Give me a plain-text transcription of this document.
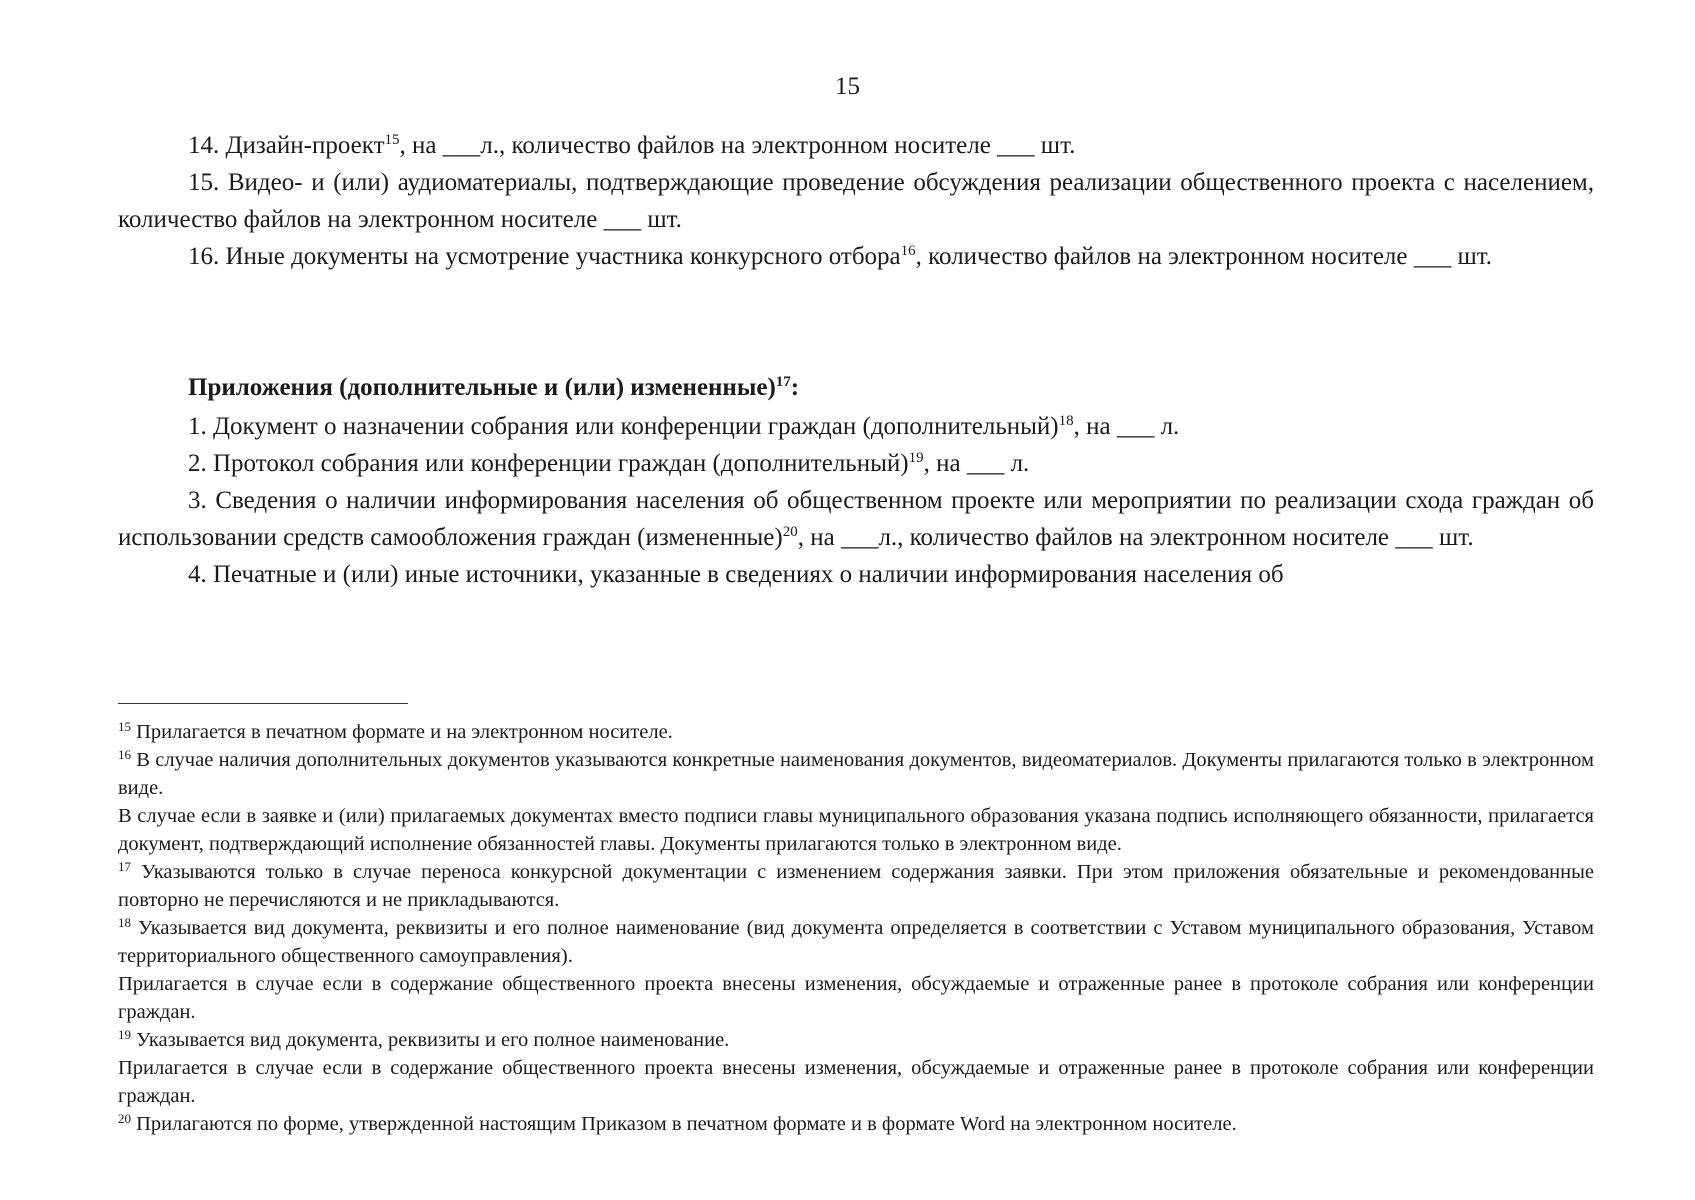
15

14. Дизайн-проект$^{15}$, на ___л., количество файлов на электронном носителе ___ шт.

15. Видео- и (или) аудиоматериалы, подтверждающие проведение обсуждения реализации общественного проекта с населением, количество файлов на электронном носителе ___ шт.

16. Иные документы на усмотрение участника конкурсного отбора$^{16}$, количество файлов на электронном носителе ___ шт.

Приложения (дополнительные и (или) измененные)$^{17}$:

1. Документ о назначении собрания или конференции граждан (дополнительный)$^{18}$, на ___ л.

2. Протокол собрания или конференции граждан (дополнительный)$^{19}$, на ___ л.

3. Сведения о наличии информирования населения об общественном проекте или мероприятии по реализации схода граждан об использовании средств самообложения граждан (измененные)$^{20}$, на ___л., количество файлов на электронном носителе ___ шт.

4. Печатные и (или) иные источники, указанные в сведениях о наличии информирования населения об

$^{15}$ Прилагается в печатном формате и на электронном носителе.

$^{16}$ В случае наличия дополнительных документов указываются конкретные наименования документов, видеоматериалов. Документы прилагаются только в электронном виде.

В случае если в заявке и (или) прилагаемых документах вместо подписи главы муниципального образования указана подпись исполняющего обязанности, прилагается документ, подтверждающий исполнение обязанностей главы. Документы прилагаются только в электронном виде.

$^{17}$ Указываются только в случае переноса конкурсной документации с изменением содержания заявки. При этом приложения обязательные и рекомендованные повторно не перечисляются и не прикладываются.

$^{18}$ Указывается вид документа, реквизиты и его полное наименование (вид документа определяется в соответствии с Уставом муниципального образования, Уставом территориального общественного самоуправления).

Прилагается в случае если в содержание общественного проекта внесены изменения, обсуждаемые и отраженные ранее в протоколе собрания или конференции граждан.

$^{19}$ Указывается вид документа, реквизиты и его полное наименование.

Прилагается в случае если в содержание общественного проекта внесены изменения, обсуждаемые и отраженные ранее в протоколе собрания или конференции граждан.

$^{20}$ Прилагаются по форме, утвержденной настоящим Приказом в печатном формате и в формате Word на электронном носителе.
